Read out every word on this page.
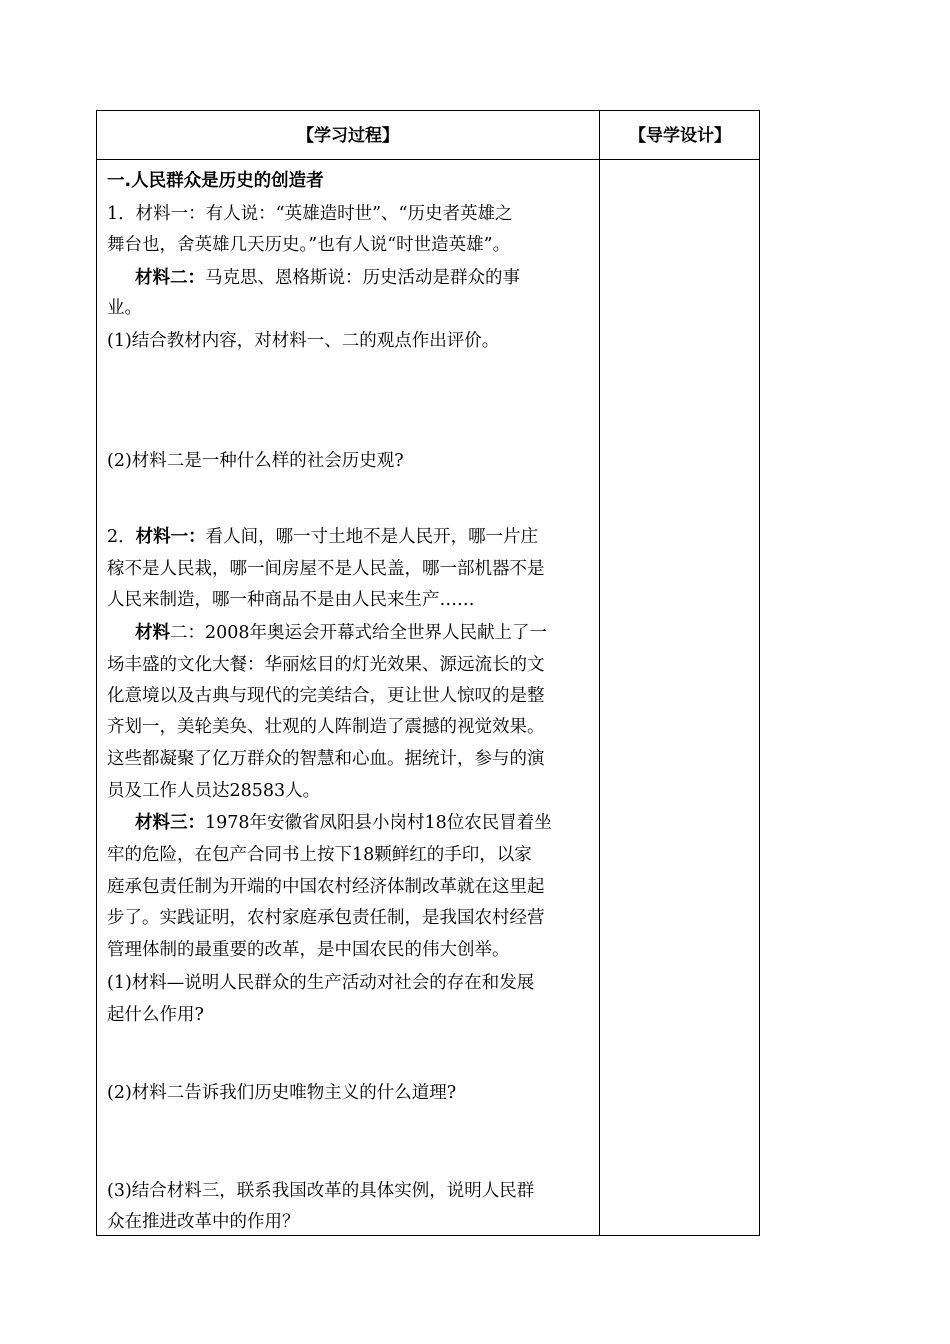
【学习过程】	【导学设计】
一.人民群众是历史的创造者
1．材料一：有人说：“英雄造时世”、“历史者英雄之
舞台也，舍英雄几天历史。”也有人说“时世造英雄”。
材料二：马克思、恩格斯说：历史活动是群众的事
业。
(1)结合教材内容，对材料一、二的观点作出评价。
(2)材料二是一种什么样的社会历史观?
2．材料一：看人间，哪一寸土地不是人民开，哪一片庄
稼不是人民栽，哪一间房屋不是人民盖，哪一部机器不是
人民来制造，哪一种商品不是由人民来生产……
材料二：2008年奥运会开幕式给全世界人民献上了一
场丰盛的文化大餐：华丽炫目的灯光效果、源远流长的文
化意境以及古典与现代的完美结合，更让世人惊叹的是整
齐划一，美轮美奂、壮观的人阵制造了震撼的视觉效果。
这些都凝聚了亿万群众的智慧和心血。据统计，参与的演
员及工作人员达28583人。
材料三：1978年安徽省凤阳县小岗村18位农民冒着坐
牢的危险，在包产合同书上按下18颗鲜红的手印，以家
庭承包责任制为开端的中国农村经济体制改革就在这里起
步了。实践证明，农村家庭承包责任制，是我国农村经营
管理体制的最重要的改革，是中国农民的伟大创举。
(1)材料—说明人民群众的生产活动对社会的存在和发展
起什么作用?
(2)材料二告诉我们历史唯物主义的什么道理?
(3)结合材料三，联系我国改革的具体实例，说明人民群
众在推进改革中的作用？
